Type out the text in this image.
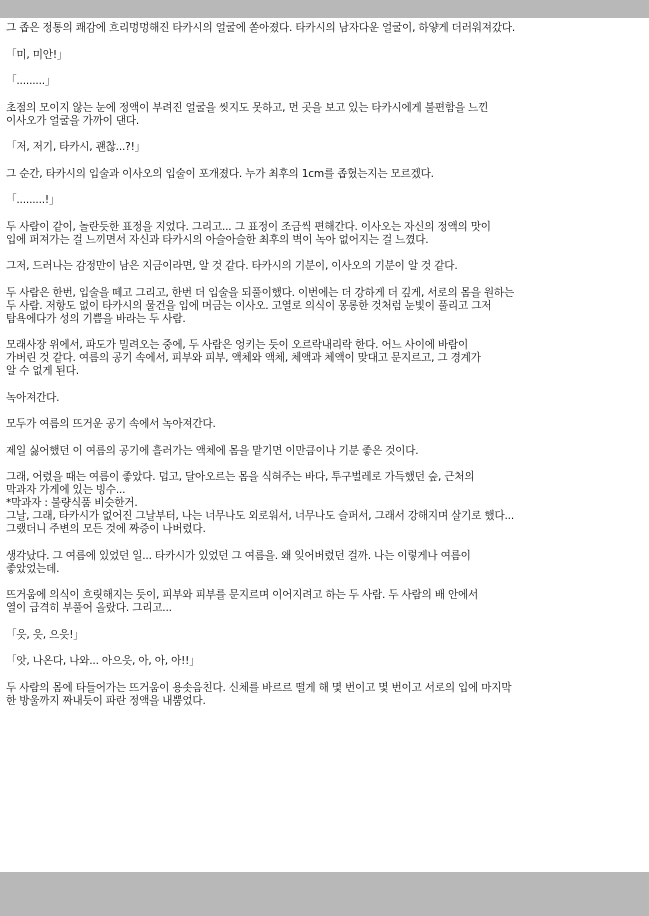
그 좁은 정통의 쾌감에 흐리멍멍해진 타카시의 얼굴에 쏟아졌다. 타카시의 남자다운 얼굴이, 하얗게 더러워져갔다.

「미, 미안!」

「.........」

초점의 모이지 않는 눈에 정액이 부려진 얼굴을 씻지도 못하고, 먼 곳을 보고 있는 타카시에게 불편함을 느낀
이사오가 얼굴을 가까이 댄다.

「저, 저기, 타카시, 괜찮...?!」

그 순간, 타카시의 입술과 이사오의 입술이 포개졌다. 누가 최후의 1cm를 좁혔는지는 모르겠다.

「.........!」

두 사람이 같이, 놀란듯한 표정을 지었다. 그리고... 그 표정이 조금씩 편해간다. 이사오는 자신의 정액의 맛이
입에 퍼져가는 걸 느끼면서 자신과 타카시의 아슬아슬한 최후의 벽이 녹아 없어지는 걸 느꼈다.

그저, 드러나는 감정만이 남은 지금이라면, 알 것 같다. 타카시의 기분이, 이사오의 기분이 알 것 같다.

두 사람은 한번, 입술을 떼고 그리고, 한번 더 입술을 되풀이했다. 이번에는 더 강하게 더 깊게, 서로의 몸을 원하는
두 사람. 저항도 없이 타카시의 물건을 입에 머금는 이사오. 고열로 의식이 몽롱한 것처럼 눈빛이 풀리고 그저
탐욕에다가 성의 기쁨을 바라는 두 사람.

모래사장 위에서, 파도가 밀려오는 중에, 두 사람은 엉키는 듯이 오르락내리락 한다. 어느 사이에 바람이
가버린 것 같다. 여름의 공기 속에서, 피부와 피부, 액체와 액체, 체액과 체액이 맞대고 문지르고, 그 경계가
알 수 없게 된다.

녹아져간다.

모두가 여름의 뜨거운 공기 속에서 녹아져간다.

제일 싫어했던 이 여름의 공기에 흘러가는 액체에 몸을 맡기면 이만큼이나 기분 좋은 것이다.

그래, 어렸을 때는 여름이 좋았다. 덥고, 달아오르는 몸을 식혀주는 바다, 투구벌레로 가득했던 숲, 근처의
막과자 가게에 있는 빙수...
*막과자 : 불량식품 비슷한거.
그날, 그래, 타카시가 없어진 그날부터, 나는 너무나도 외로워서, 너무나도 슬퍼서, 그래서 강해지며 살기로 했다...
그랬더니 주변의 모든 것에 짜증이 나버렸다.

생각났다. 그 여름에 있었던 일... 타카시가 있었던 그 여름을. 왜 잊어버렸던 걸까. 나는 이렇게나 여름이
좋았었는데.

뜨거움에 의식이 흐릿해지는 듯이, 피부와 피부를 문지르며 이어지려고 하는 두 사람. 두 사람의 배 안에서
열이 급격히 부풀어 올랐다. 그리고...

「읏, 읏, 으읏!」

「앗, 나온다, 나와... 아으읏, 아, 아, 아!!」

두 사람의 몸에 타들어가는 뜨거움이 용솟음친다. 신체를 바르르 떨게 해 몇 번이고 몇 번이고 서로의 입에 마지막
한 방울까지 짜내듯이 파란 정액을 내뿜었다.
